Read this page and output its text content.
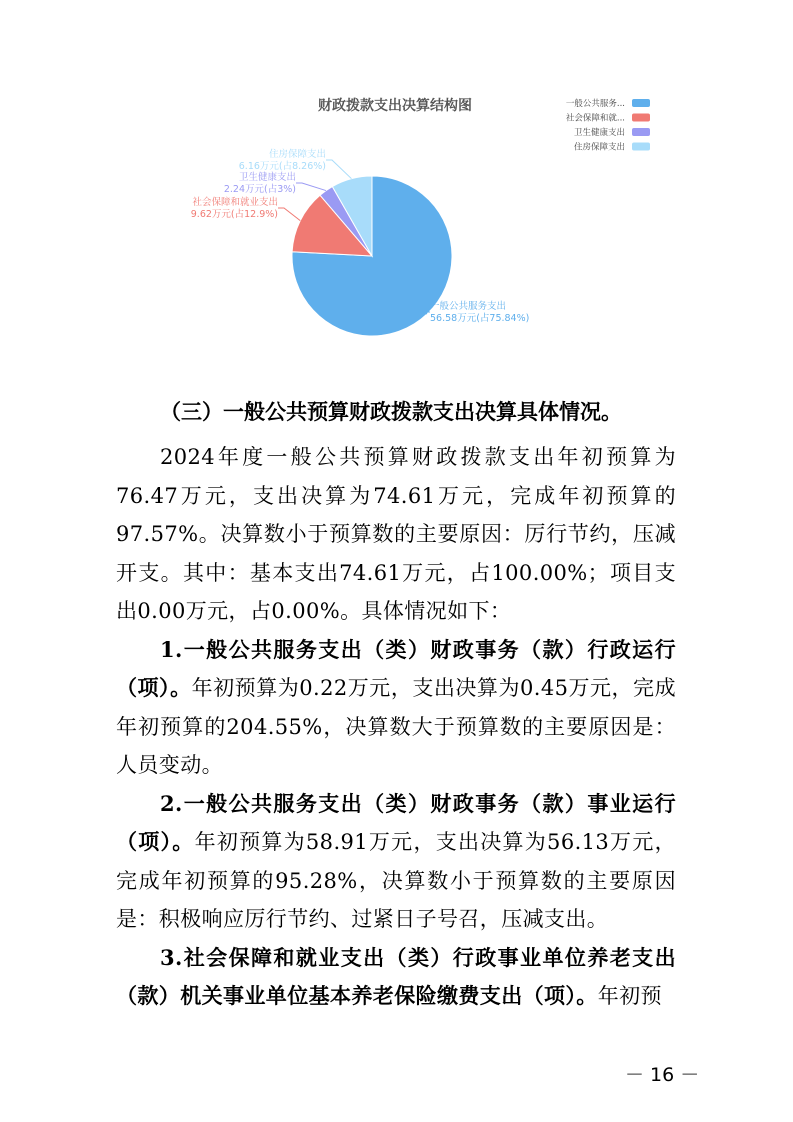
财政拨款支出决算结构图
一般公共服务支出
56.58万元(占75.84%)
社会保障和就业支出
9.62万元(占12.9%)
卫生健康支出
2.24万元(占3%)
住房保障支出
6.16万元(占8.26%)
一般公共服务...
社会保障和就...
卫生健康支出
住房保障支出
（三）一般公共预算财政拨款支出决算具体情况。

2024年度一般公共预算财政拨款支出年初预算为76.47万元，支出决算为74.61万元，完成年初预算的97.57%。决算数小于预算数的主要原因：厉行节约，压减开支。其中：基本支出74.61万元，占100.00%；项目支出0.00万元，占0.00%。具体情况如下：

1.一般公共服务支出（类）财政事务（款）行政运行（项）。年初预算为0.22万元，支出决算为0.45万元，完成年初预算的204.55%，决算数大于预算数的主要原因是：人员变动。

2.一般公共服务支出（类）财政事务（款）事业运行（项）。年初预算为58.91万元，支出决算为56.13万元，完成年初预算的95.28%，决算数小于预算数的主要原因是：积极响应厉行节约、过紧日子号召，压减支出。

3.社会保障和就业支出（类）行政事业单位养老支出（款）机关事业单位基本养老保险缴费支出（项）。年初预

－ 16 －
